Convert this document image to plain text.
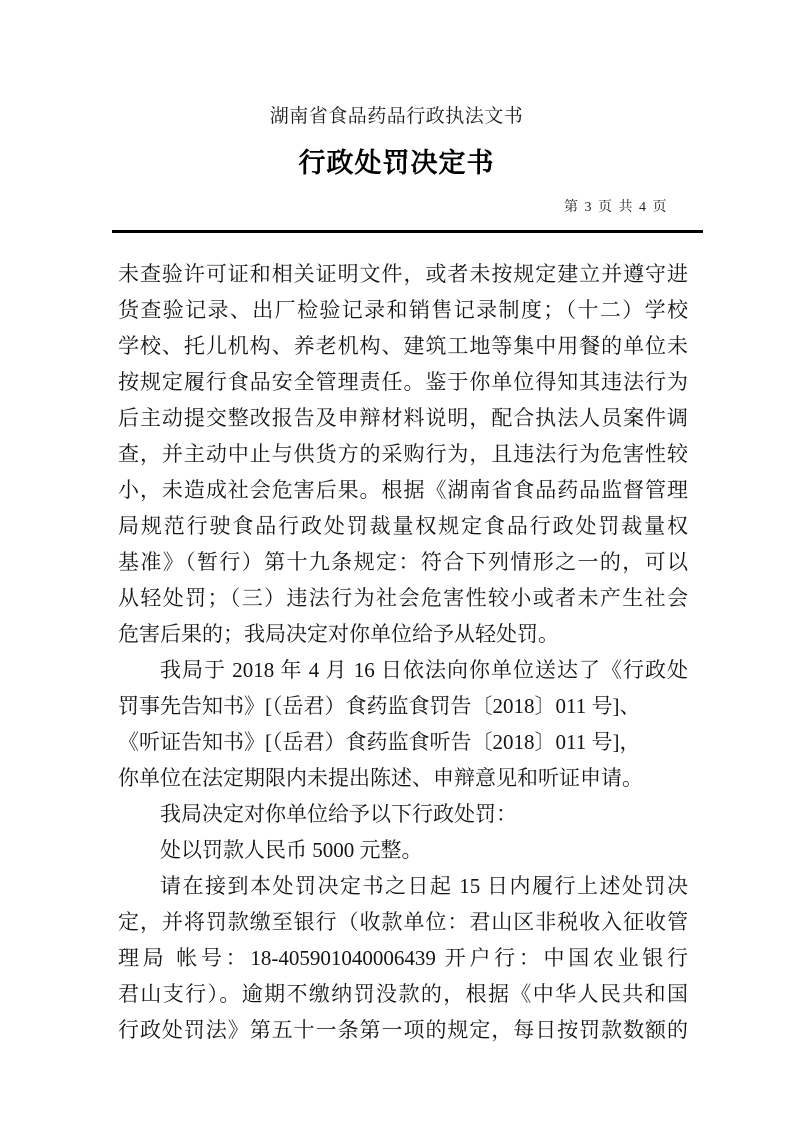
湖南省食品药品行政执法文书
行政处罚决定书
第 3 页 共 4 页
未查验许可证和相关证明文件，或者未按规定建立并遵守进
货查验记录、出厂检验记录和销售记录制度；（十二）学校
学校、托儿机构、养老机构、建筑工地等集中用餐的单位未
按规定履行食品安全管理责任。鉴于你单位得知其违法行为
后主动提交整改报告及申辩材料说明，配合执法人员案件调
查，并主动中止与供货方的采购行为，且违法行为危害性较
小，未造成社会危害后果。根据《湖南省食品药品监督管理
局规范行驶食品行政处罚裁量权规定食品行政处罚裁量权
基准》（暂行）第十九条规定：符合下列情形之一的，可以
从轻处罚；（三）违法行为社会危害性较小或者未产生社会
危害后果的；我局决定对你单位给予从轻处罚。
我局于 2018 年 4 月 16 日依法向你单位送达了《行政处
罚事先告知书》[（岳君）食药监食罚告〔2018〕011 号]、
《听证告知书》[（岳君）食药监食听告〔2018〕011 号]，
你单位在法定期限内未提出陈述、申辩意见和听证申请。
我局决定对你单位给予以下行政处罚：
处以罚款人民币 5000 元整。
请在接到本处罚决定书之日起 15 日内履行上述处罚决
定，并将罚款缴至银行（收款单位：君山区非税收入征收管
理局 帐号：18-405901040006439 开户行：中国农业银行
君山支行）。逾期不缴纳罚没款的，根据《中华人民共和国
行政处罚法》第五十一条第一项的规定，每日按罚款数额的
